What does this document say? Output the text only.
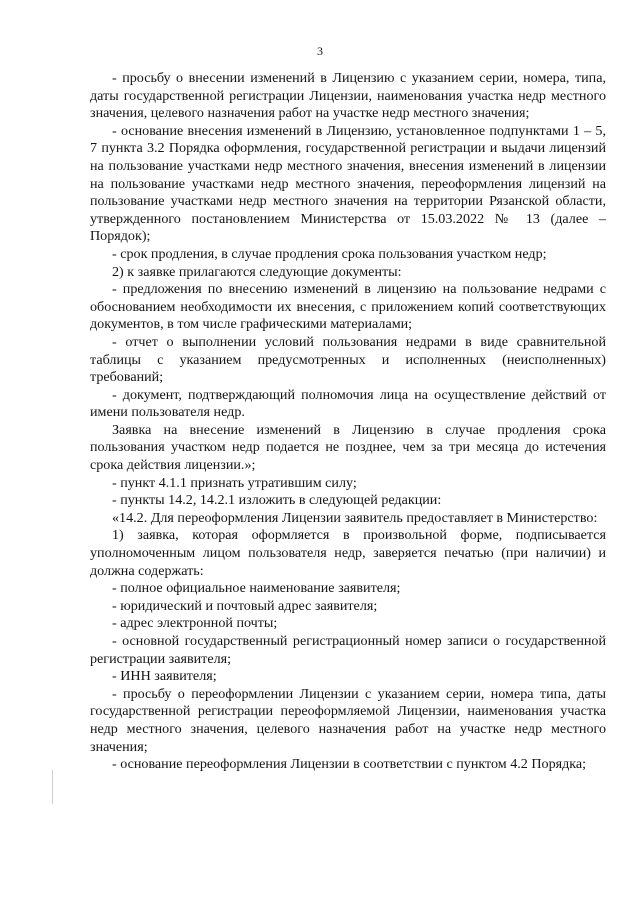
3

- просьбу о внесении изменений в Лицензию с указанием серии, номера, типа, даты государственной регистрации Лицензии, наименования участка недр местного значения, целевого назначения работ на участке недр местного значения;

- основание внесения изменений в Лицензию, установленное подпунктами 1 – 5, 7 пункта 3.2 Порядка оформления, государственной регистрации и выдачи лицензий на пользование участками недр местного значения, внесения изменений в лицензии на пользование участками недр местного значения, переоформления лицензий на пользование участками недр местного значения на территории Рязанской области, утвержденного постановлением Министерства от 15.03.2022 № 13 (далее – Порядок);

- срок продления, в случае продления срока пользования участком недр;

2) к заявке прилагаются следующие документы:

- предложения по внесению изменений в лицензию на пользование недрами с обоснованием необходимости их внесения, с приложением копий соответствующих документов, в том числе графическими материалами;

- отчет о выполнении условий пользования недрами в виде сравнительной таблицы с указанием предусмотренных и исполненных (неисполненных) требований;

- документ, подтверждающий полномочия лица на осуществление действий от имени пользователя недр.

Заявка на внесение изменений в Лицензию в случае продления срока пользования участком недр подается не позднее, чем за три месяца до истечения срока действия лицензии.»;

- пункт 4.1.1 признать утратившим силу;

- пункты 14.2, 14.2.1 изложить в следующей редакции:

«14.2. Для переоформления Лицензии заявитель предоставляет в Министерство:

1) заявка, которая оформляется в произвольной форме, подписывается уполномоченным лицом пользователя недр, заверяется печатью (при наличии) и должна содержать:

- полное официальное наименование заявителя;

- юридический и почтовый адрес заявителя;

- адрес электронной почты;

- основной государственный регистрационный номер записи о государственной регистрации заявителя;

- ИНН заявителя;

- просьбу о переоформлении Лицензии с указанием серии, номера типа, даты государственной регистрации переоформляемой Лицензии, наименования участка недр местного значения, целевого назначения работ на участке недр местного значения;

- основание переоформления Лицензии в соответствии с пунктом 4.2 Порядка;
